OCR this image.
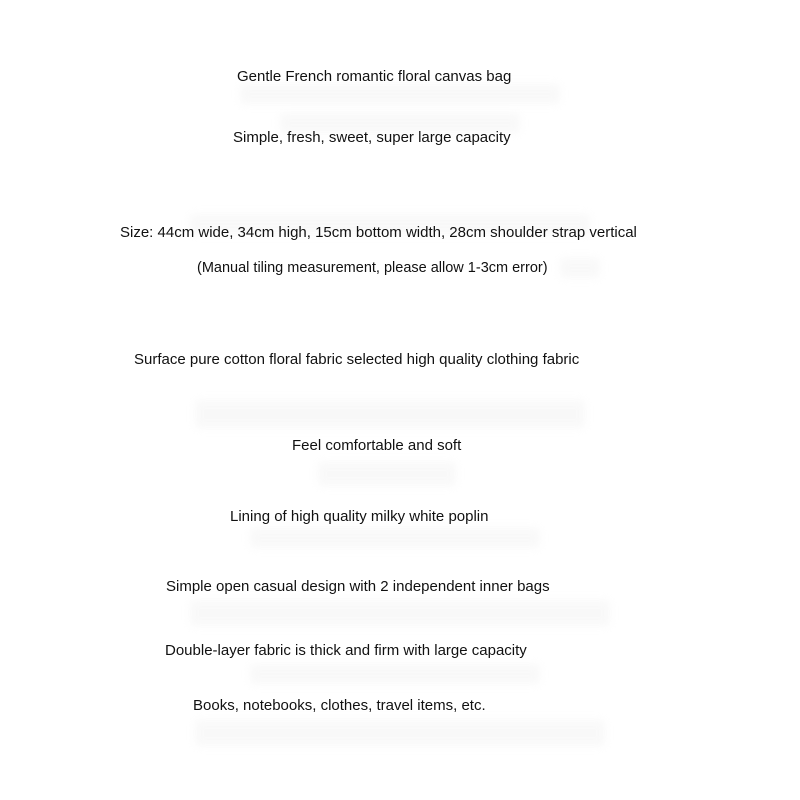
Gentle French romantic floral canvas bag
Simple, fresh, sweet, super large capacity
Size: 44cm wide, 34cm high, 15cm bottom width, 28cm shoulder strap vertical
(Manual tiling measurement, please allow 1-3cm error)
Surface pure cotton floral fabric selected high quality clothing fabric
Feel comfortable and soft
Lining of high quality milky white poplin
Simple open casual design with 2 independent inner bags
Double-layer fabric is thick and firm with large capacity
Books, notebooks, clothes, travel items, etc.
